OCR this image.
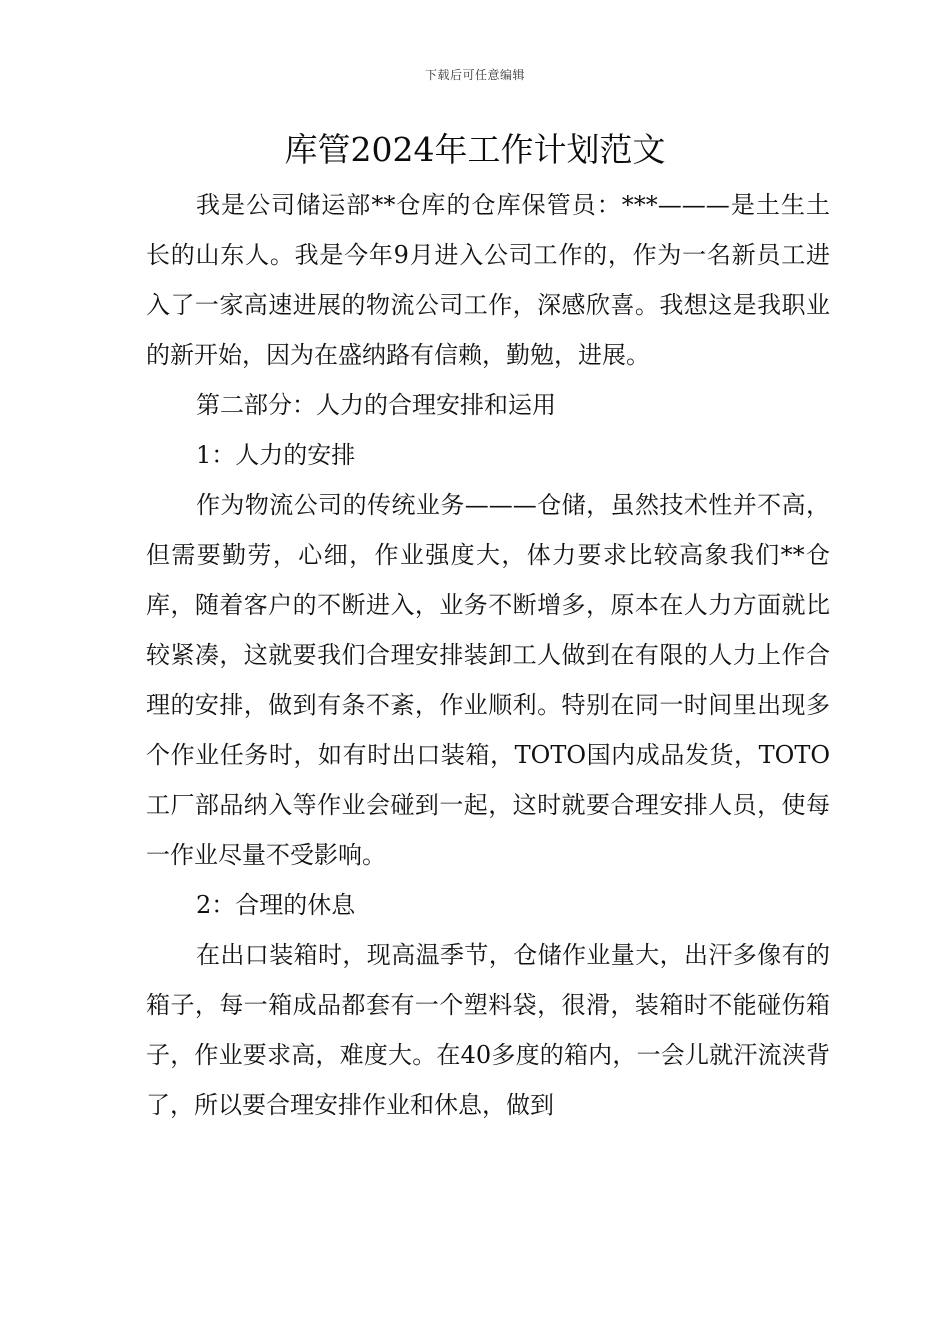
下载后可任意编辑
库管2024年工作计划范文

我是公司储运部**仓库的仓库保管员：***———是土生土长的山东人。我是今年9月进入公司工作的，作为一名新员工进入了一家高速进展的物流公司工作，深感欣喜。我想这是我职业的新开始，因为在盛纳路有信赖，勤勉，进展。

第二部分：人力的合理安排和运用

1：人力的安排

作为物流公司的传统业务———仓储，虽然技术性并不高，但需要勤劳，心细，作业强度大，体力要求比较高象我们**仓库，随着客户的不断进入，业务不断增多，原本在人力方面就比较紧凑，这就要我们合理安排装卸工人做到在有限的人力上作合理的安排，做到有条不紊，作业顺利。特别在同一时间里出现多个作业任务时，如有时出口装箱，TOTO国内成品发货，TOTO工厂部品纳入等作业会碰到一起，这时就要合理安排人员，使每一作业尽量不受影响。

2：合理的休息

在出口装箱时，现高温季节，仓储作业量大，出汗多像有的箱子，每一箱成品都套有一个塑料袋，很滑，装箱时不能碰伤箱子，作业要求高，难度大。在40多度的箱内，一会儿就汗流浃背了，所以要合理安排作业和休息，做到
